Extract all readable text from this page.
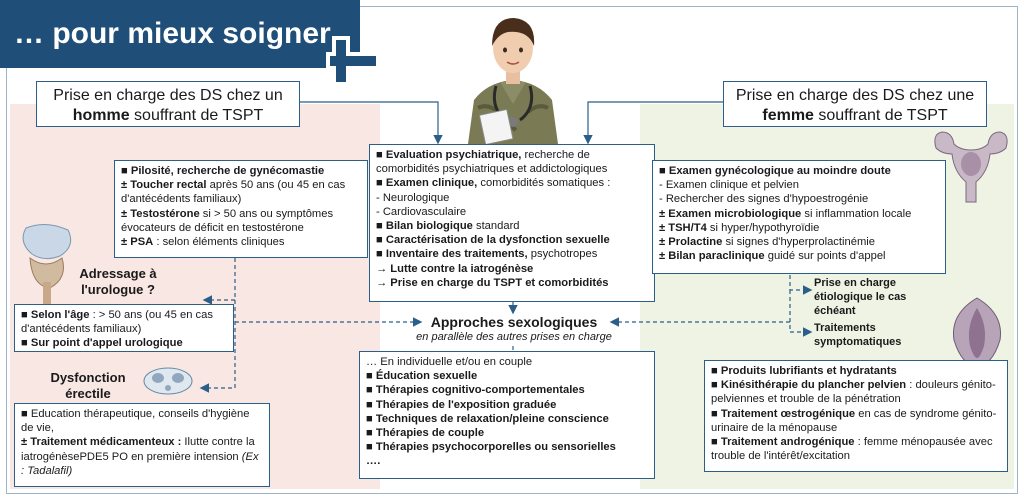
… pour mieux soigner
Prise en charge des DS chez un
homme souffrant de TSPT
Prise en charge des DS chez une
femme souffrant de TSPT
■ Pilosité, recherche de gynécomastie
± Toucher rectal après 50 ans (ou 45 en cas d'antécédents familiaux)
± Testostérone si > 50 ans ou symptômes évocateurs de déficit en testostérone
± PSA : selon éléments cliniques
Adressage à l'urologue ?
■ Selon l'âge : > 50 ans (ou 45 en cas d'antécédents familiaux)
■ Sur point d'appel urologique
Dysfonction érectile
■ Education thérapeutique, conseils d'hygiène de vie,
± Traitement médicamenteux : Ilutte contre la iatrogénèsePDE5 PO en première intension (Ex : Tadalafil)
■ Evaluation psychiatrique, recherche de comorbidités psychiatriques et addictologiques
■ Examen clinique, comorbidités somatiques :
- Neurologique
- Cardiovasculaire
■ Bilan biologique standard
■ Caractérisation de la dysfonction sexuelle
■ Inventaire des traitements, psychotropes
→ Lutte contre la iatrogénèse
→ Prise en charge du TSPT et comorbidités
■ Examen gynécologique au moindre doute
- Examen clinique et pelvien
- Rechercher des signes d'hypoestrogénie
± Examen microbiologique si inflammation locale
± TSH/T4 si hyper/hypothyroïdie
± Prolactine si signes d'hyperprolactinémie
± Bilan paraclinique guidé sur points d'appel
Prise en charge étiologique le cas échéant
Traitements symptomatiques
Approches sexologiques
en parallèle des autres prises en charge
… En individuelle et/ou en couple
■ Éducation sexuelle
■ Thérapies cognitivo-comportementales
■ Thérapies de l'exposition graduée
■ Techniques de relaxation/pleine conscience
■ Thérapies de couple
■ Thérapies psychocorporelles ou sensorielles
….
■ Produits lubrifiants et hydratants
■ Kinésithérapie du plancher pelvien : douleurs génito-pelviennes et trouble de la pénétration
■ Traitement œstrogénique en cas de syndrome génito-urinaire de la ménopause
■ Traitement androgénique : femme ménopausée avec trouble de l'intérêt/excitation
